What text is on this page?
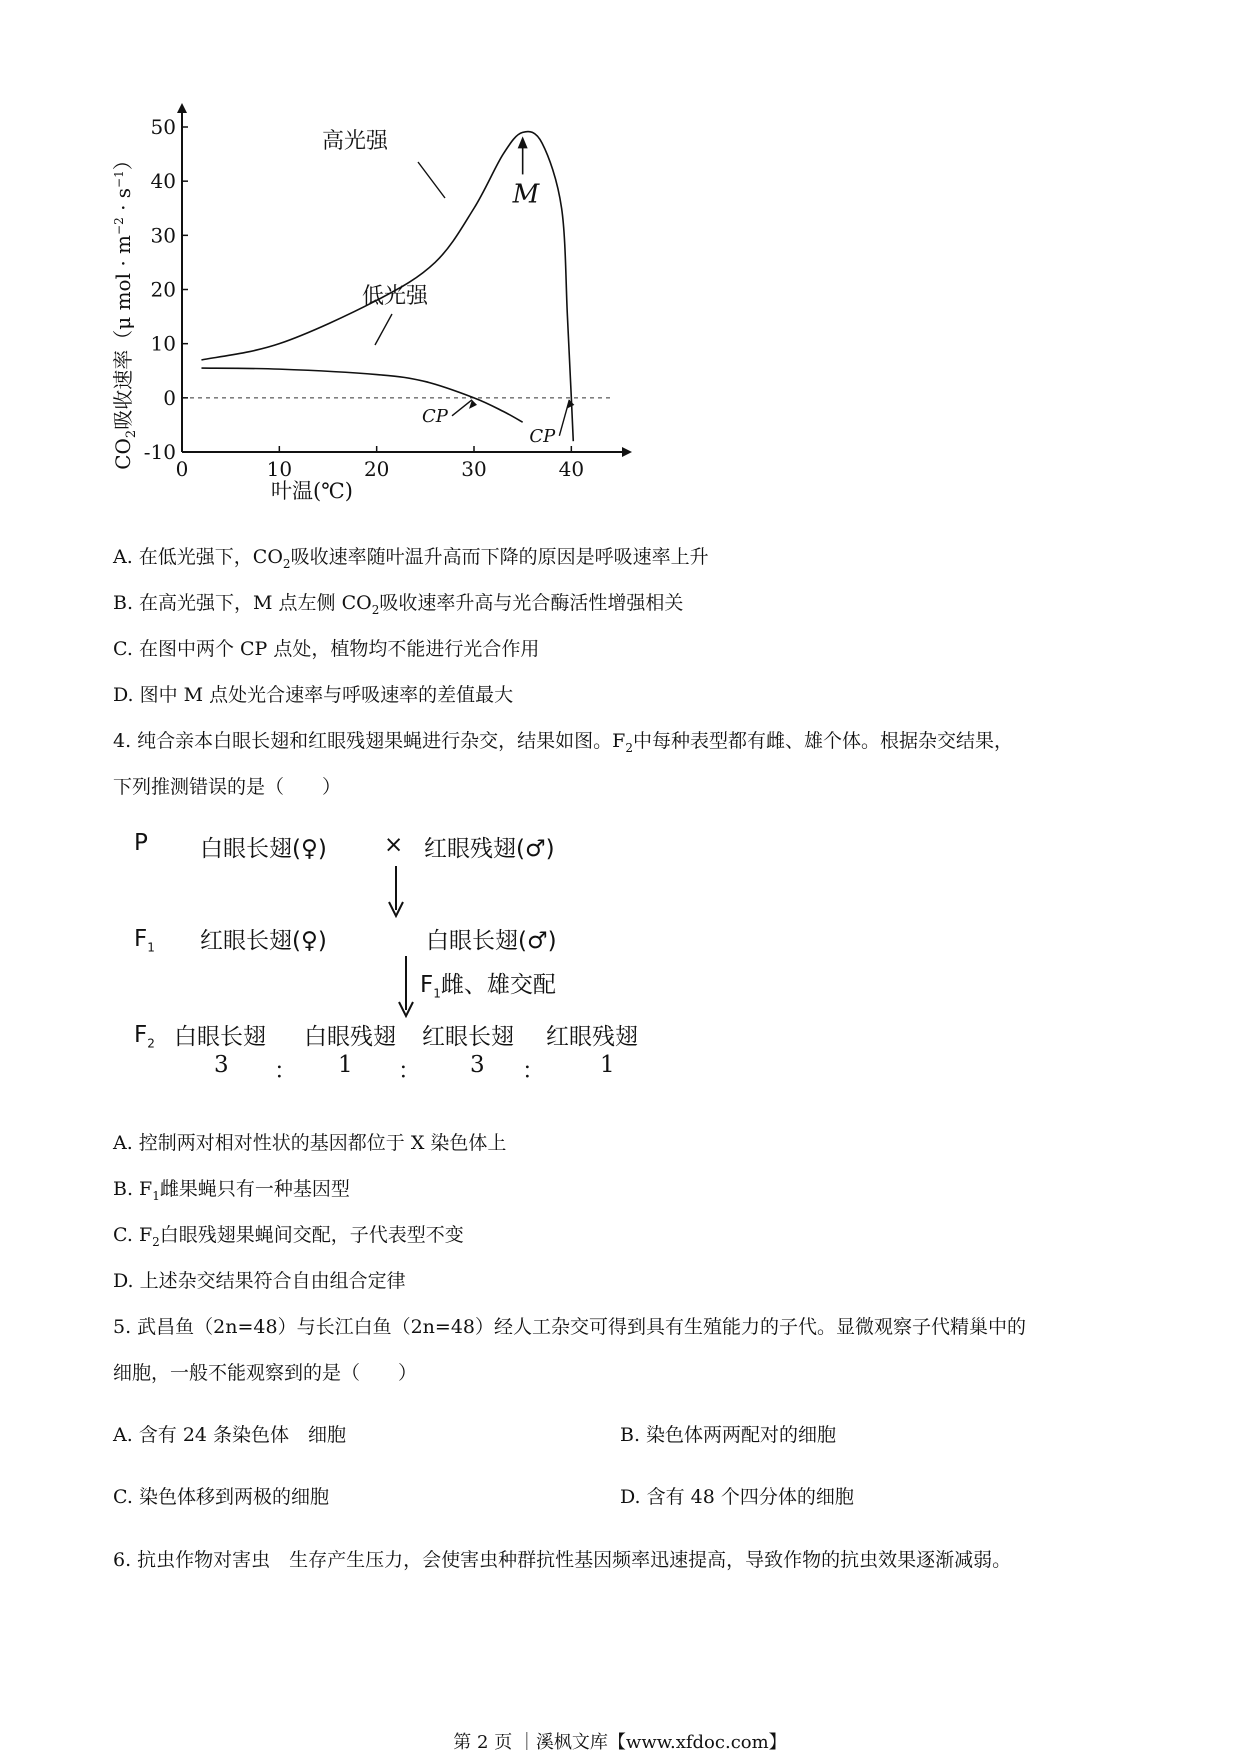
0	10	20	30	40
-10
0
10
20
30
40
50
M
CP
CP
$CO_2$吸收速率（μ mol · $m^{-2} \cdot s^{-1}$）
叶温(℃)
高光强
低光强
A. 在低光强下，$CO_2$吸收速率随叶温升高而下降的原因是呼吸速率上升
B. 在高光强下，M 点左侧 $CO_2$吸收速率升高与光合酶活性增强相关
C. 在图中两个 CP 点处，植物均不能进行光合作用
D. 图中 M 点处光合速率与呼吸速率的差值最大
4. 纯合亲本白眼长翅和红眼残翅果蝇进行杂交，结果如图。$F_2$中每种表型都有雌、雄个体。根据杂交结果，
下列推测错误的是（　　）
P 白眼长翅(♀) × 红眼残翅(♂)
$F_1$ 红眼长翅(♀)	白眼长翅(♂)
$F_1$雌、雄交配
$F_2$ 白眼长翅 白眼残翅 红眼长翅 红眼残翅
3 ： 1 ： 3 ： 1
A. 控制两对相对性状的基因都位于 X 染色体上
B. $F_1$雌果蝇只有一种基因型
C. $F_2$白眼残翅果蝇间交配，子代表型不变
D. 上述杂交结果符合自由组合定律
5. 武昌鱼（2n=48）与长江白鱼（2n=48）经人工杂交可得到具有生殖能力的子代。显微观察子代精巢中的
细胞，一般不能观察到的是（　　）
A. 含有 24 条染色体　细胞	B. 染色体两两配对的细胞
C. 染色体移到两极的细胞	D. 含有 48 个四分体的细胞
6. 抗虫作物对害虫　生存产生压力，会使害虫种群抗性基因频率迅速提高，导致作物的抗虫效果逐渐减弱。
第 2 页 ｜溪枫文库【www.xfdoc.com】
